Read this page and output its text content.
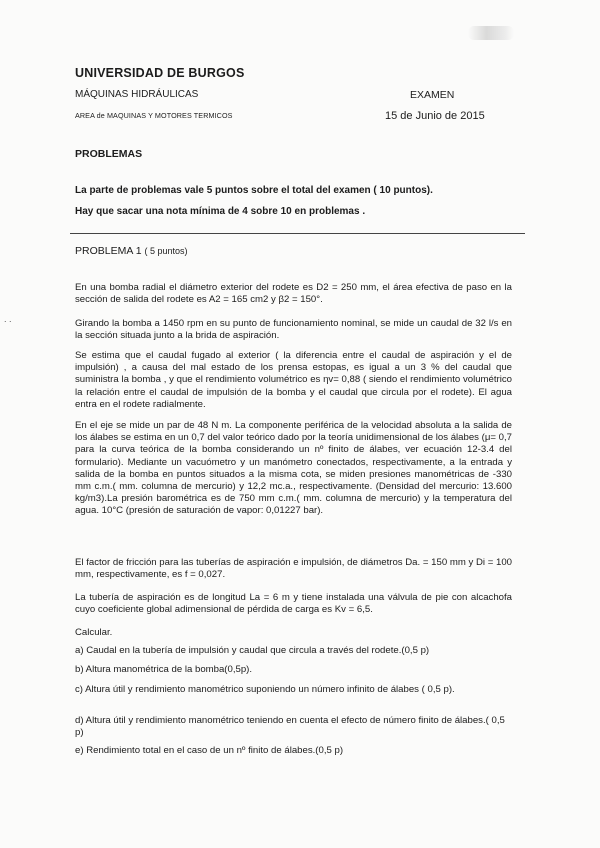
. .
UNIVERSIDAD DE BURGOS
MÁQUINAS HIDRÁULICAS
AREA de MAQUINAS Y MOTORES TERMICOS
EXAMEN
15 de Junio de 2015
PROBLEMAS
La parte de problemas vale 5 puntos sobre el total del examen ( 10 puntos).
Hay que sacar una nota mínima de 4 sobre 10 en problemas .
PROBLEMA 1 ( 5 puntos)
En una bomba radial el diámetro exterior del rodete es D2 = 250 mm, el área efectiva de paso en la sección de salida del rodete es A2 = 165 cm2 y β2 = 150°.
Girando la bomba a 1450 rpm en su punto de funcionamiento nominal, se mide un caudal de 32 l/s en la sección situada junto a la brida de aspiración.
Se estima que el caudal fugado al exterior ( la diferencia entre el caudal de aspiración y el de impulsión) , a causa del mal estado de los prensa estopas, es igual a un 3 % del caudal que suministra la bomba , y que el rendimiento volumétrico es ηv= 0,88 ( siendo el rendimiento volumétrico la relación entre el caudal de impulsión de la bomba y el caudal que circula por el rodete). El agua entra en el rodete radialmente.
En el eje se mide un par de 48 N m. La componente periférica de la velocidad absoluta a la salida de los álabes se estima en un 0,7 del valor teórico dado por la teoría unidimensional de los álabes (μ= 0,7 para la curva teórica de la bomba considerando un nº finito de álabes, ver ecuación 12-3.4 del formulario). Mediante un vacuómetro y un manómetro conectados, respectivamente, a la entrada y salida de la bomba en puntos situados a la misma cota, se miden presiones manométricas de -330 mm c.m.( mm. columna de mercurio) y 12,2 mc.a., respectivamente. (Densidad del mercurio: 13.600 kg/m3).La presión barométrica es de 750 mm c.m.( mm. columna de mercurio) y la temperatura del agua. 10°C (presión de saturación de vapor: 0,01227 bar).
El factor de fricción para las tuberías de aspiración e impulsión, de diámetros Da. = 150 mm y Di = 100 mm, respectivamente, es f = 0,027.
La tubería de aspiración es de longitud La = 6 m y tiene instalada una válvula de pie con alcachofa cuyo coeficiente global adimensional de pérdida de carga es Kv = 6,5.
Calcular.
a) Caudal en la tubería de impulsión y caudal que circula a través del rodete.(0,5 p)
b) Altura manométrica de la bomba(0,5p).
c) Altura útil y rendimiento manométrico suponiendo un número infinito de álabes ( 0,5 p).
d) Altura útil y rendimiento manométrico teniendo en cuenta el efecto de número finito de álabes.( 0,5 p)
e) Rendimiento total en el caso de un nº finito de álabes.(0,5 p)
